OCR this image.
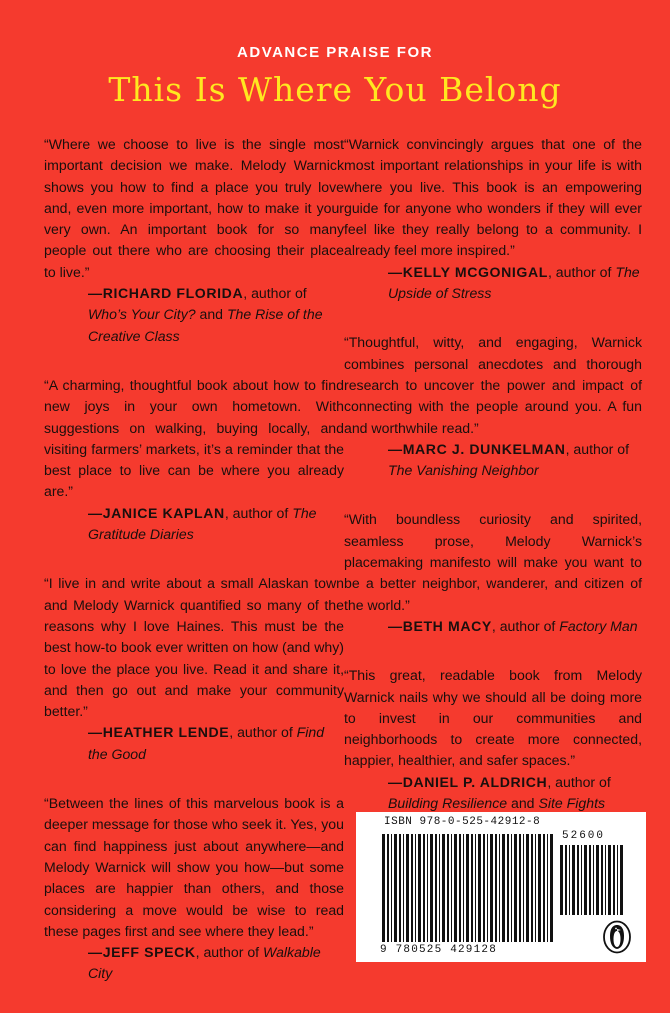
ADVANCE PRAISE FOR
This Is Where You Belong

“Where we choose to live is the single most important decision we make. Melody Warnick shows you how to find a place you truly love and, even more important, how to make it your very own. An important book for so many people out there who are choosing their place to live.”

—RICHARD FLORIDA, author of Who’s Your City? and The Rise of the Creative Class

“A charming, thoughtful book about how to find new joys in your own hometown. With suggestions on walking, buying locally, and visiting farmers’ markets, it’s a reminder that the best place to live can be where you already are.”

—JANICE KAPLAN, author of The Gratitude Diaries

“I live in and write about a small Alaskan town and Melody Warnick quantified so many of the reasons why I love Haines. This must be the best how-to book ever written on how (and why) to love the place you live. Read it and share it, and then go out and make your community better.”

—HEATHER LENDE, author of Find the Good

“Between the lines of this marvelous book is a deeper message for those who seek it. Yes, you can find happiness just about anywhere—and Melody Warnick will show you how—but some places are happier than others, and those considering a move would be wise to read these pages first and see where they lead.”

—JEFF SPECK, author of Walkable City

“Warnick convincingly argues that one of the most important relationships in your life is with where you live. This book is an empowering guide for anyone who wonders if they will ever feel like they really belong to a community. I already feel more inspired.”

—KELLY MCGONIGAL, author of The Upside of Stress

“Thoughtful, witty, and engaging, Warnick combines personal anecdotes and thorough research to uncover the power and impact of connecting with the people around you. A fun and worthwhile read.”

—MARC J. DUNKELMAN, author of The Vanishing Neighbor

“With boundless curiosity and spirited, seamless prose, Melody Warnick’s placemaking manifesto will make you want to be a better neighbor, wanderer, and citizen of the world.”

—BETH MACY, author of Factory Man

“This great, readable book from Melody Warnick nails why we should all be doing more to invest in our communities and neighborhoods to create more connected, happier, healthier, and safer spaces.”

—DANIEL P. ALDRICH, author of Building Resilience and Site Fights

ISBN 978-0-525-42912-8
9 780525 429128
52600
